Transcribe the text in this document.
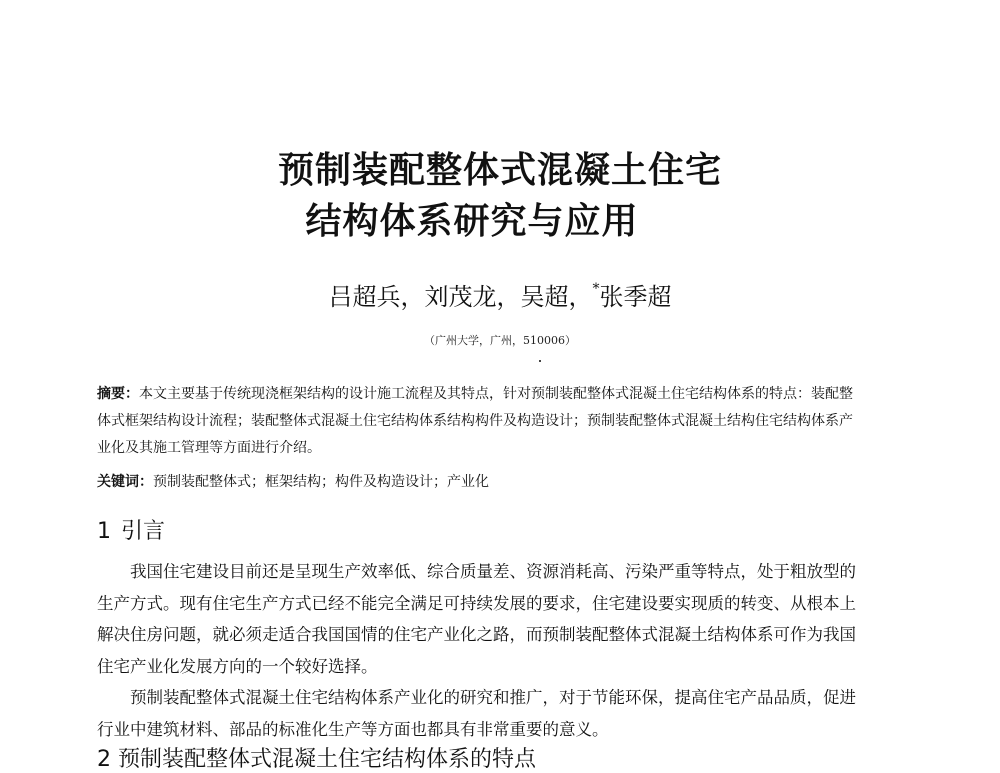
预制装配整体式混凝土住宅
结构体系研究与应用
吕超兵，刘茂龙，吴超，*张季超
（广州大学，广州，510006）
摘要：本文主要基于传统现浇框架结构的设计施工流程及其特点，针对预制装配整体式混凝土住宅结构体系的特点：装配整
体式框架结构设计流程；装配整体式混凝土住宅结构体系结构构件及构造设计；预制装配整体式混凝土结构住宅结构体系产
业化及其施工管理等方面进行介绍。
关键词：预制装配整体式；框架结构；构件及构造设计；产业化
1 引言
我国住宅建设目前还是呈现生产效率低、综合质量差、资源消耗高、污染严重等特点，处于粗放型的
生产方式。现有住宅生产方式已经不能完全满足可持续发展的要求，住宅建设要实现质的转变、从根本上
解决住房问题，就必须走适合我国国情的住宅产业化之路，而预制装配整体式混凝土结构体系可作为我国
住宅产业化发展方向的一个较好选择。
预制装配整体式混凝土住宅结构体系产业化的研究和推广，对于节能环保，提高住宅产品品质，促进
行业中建筑材料、部品的标准化生产等方面也都具有非常重要的意义。
2 预制装配整体式混凝土住宅结构体系的特点
